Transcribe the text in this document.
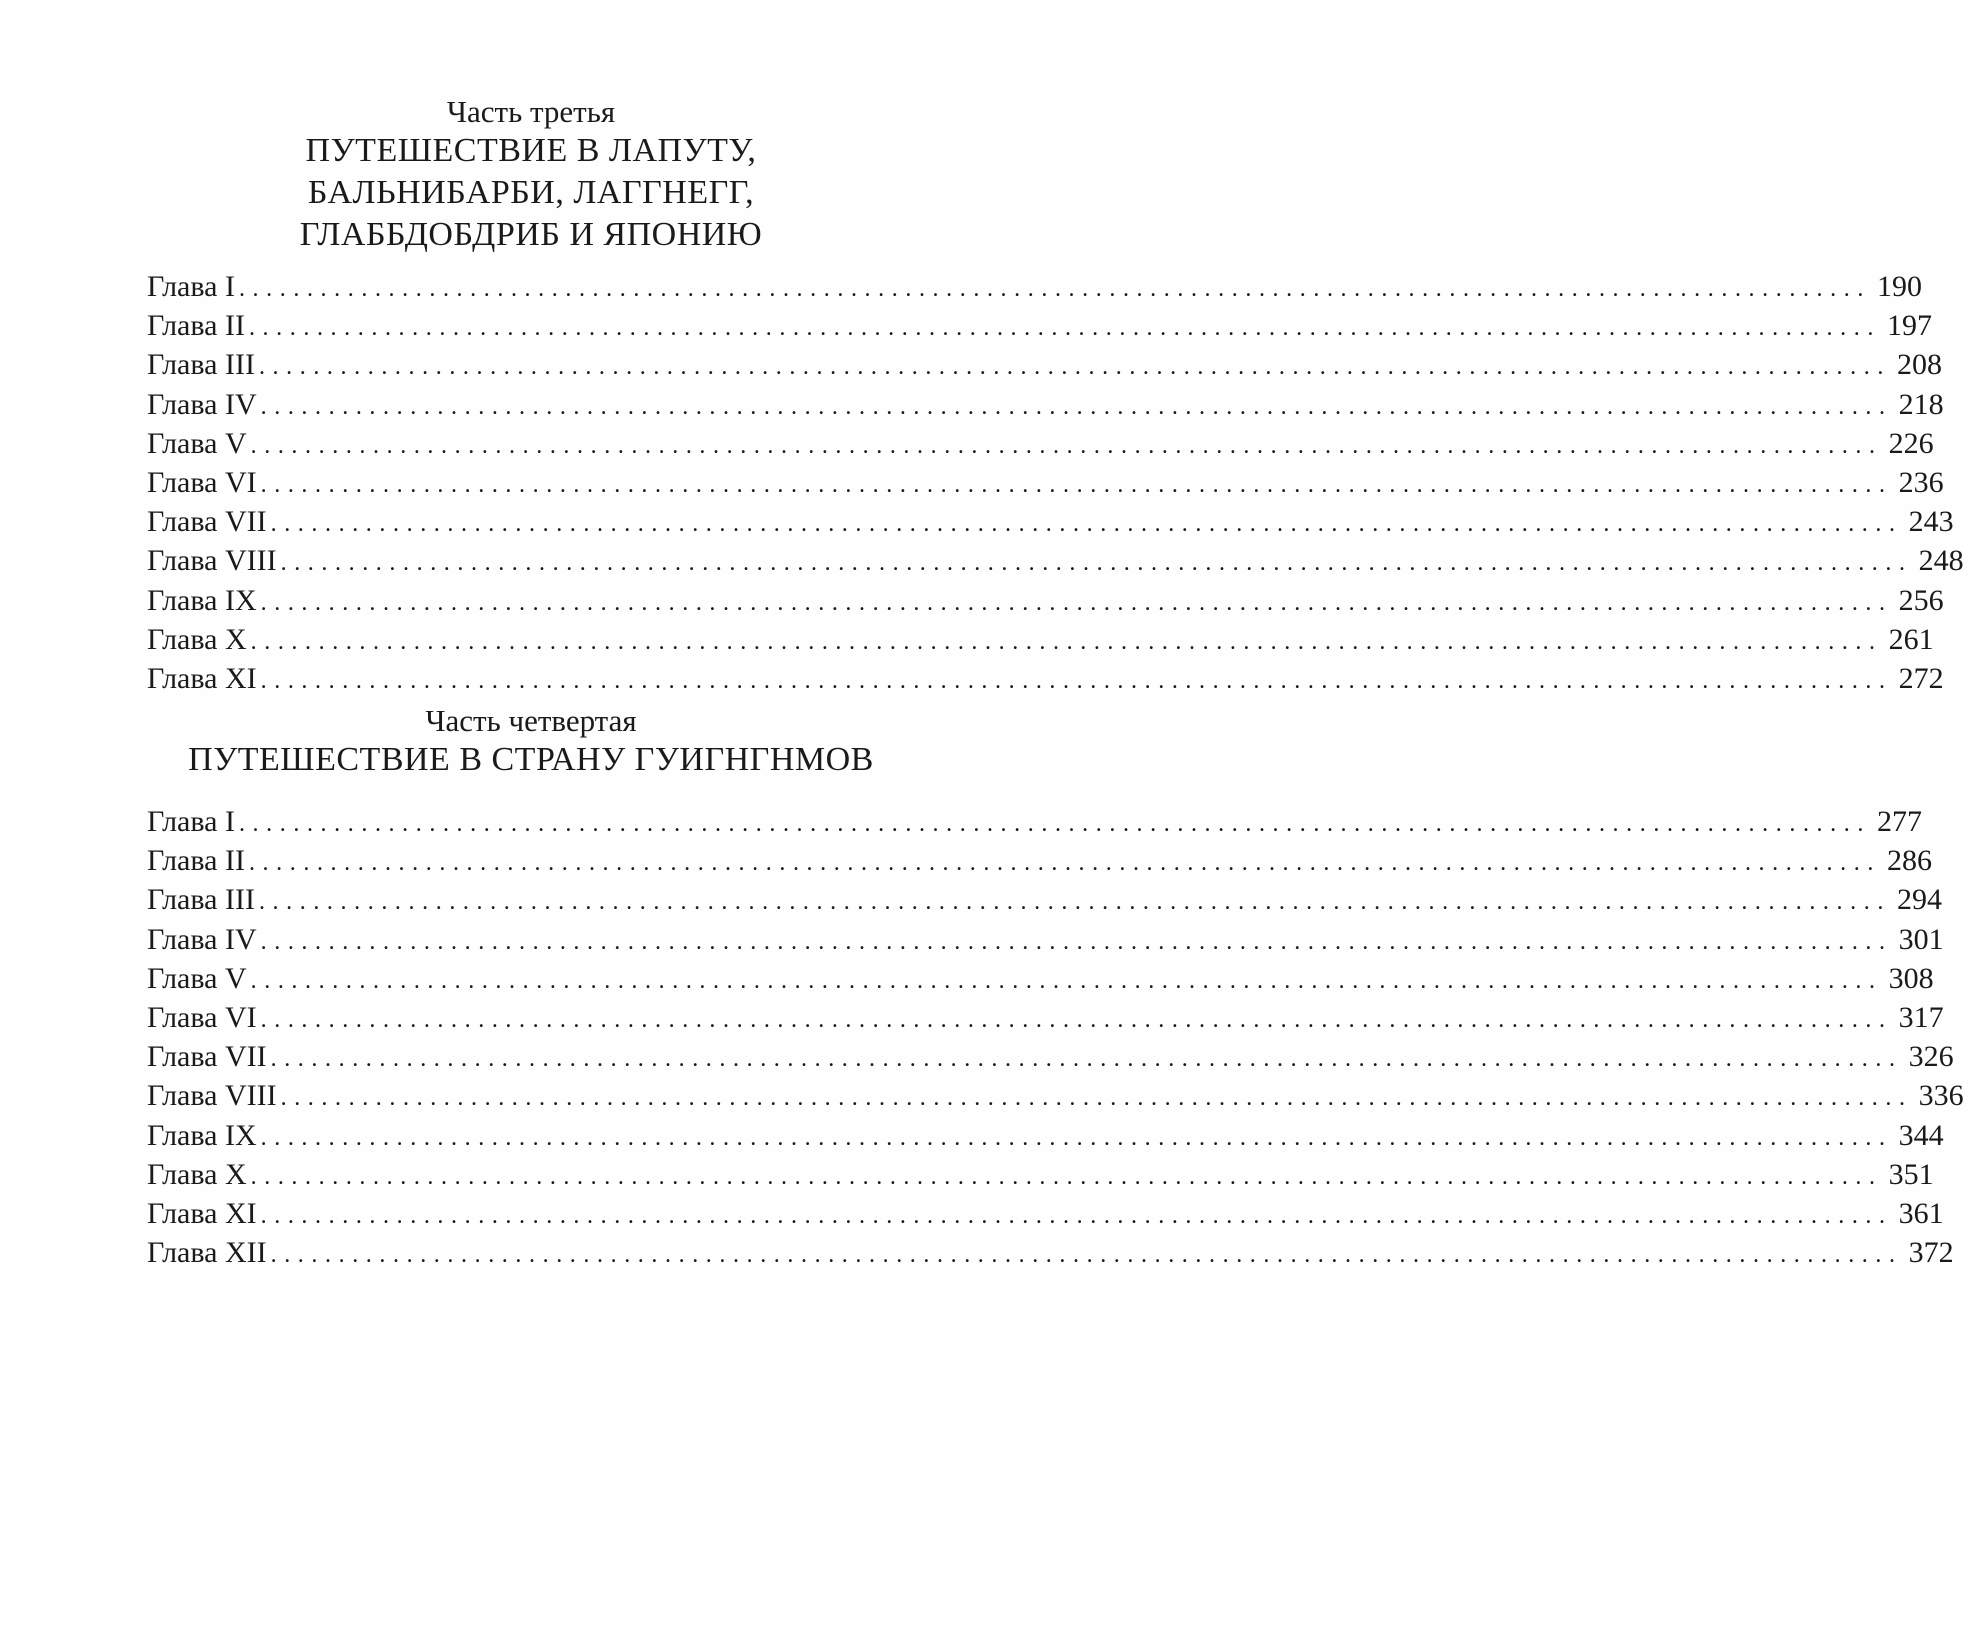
Часть третья

ПУТЕШЕСТВИЕ В ЛАПУТУ,
БАЛЬНИБАРБИ, ЛАГГНЕГГ,
ГЛАББДОБДРИБ И ЯПОНИЮ

Глава I ........................................................................................................................ 190
Глава II ........................................................................................................................ 197
Глава III ........................................................................................................................ 208
Глава IV ........................................................................................................................ 218
Глава V ........................................................................................................................ 226
Глава VI ........................................................................................................................ 236
Глава VII ........................................................................................................................ 243
Глава VIII ........................................................................................................................ 248
Глава IX ........................................................................................................................ 256
Глава X ........................................................................................................................ 261
Глава XI ........................................................................................................................ 272

Часть четвертая

ПУТЕШЕСТВИЕ В СТРАНУ ГУИГНГНМОВ

Глава I ........................................................................................................................ 277
Глава II ........................................................................................................................ 286
Глава III ........................................................................................................................ 294
Глава IV ........................................................................................................................ 301
Глава V ........................................................................................................................ 308
Глава VI ........................................................................................................................ 317
Глава VII ........................................................................................................................ 326
Глава VIII ........................................................................................................................ 336
Глава IX ........................................................................................................................ 344
Глава X ........................................................................................................................ 351
Глава XI ........................................................................................................................ 361
Глава XII ........................................................................................................................ 372
